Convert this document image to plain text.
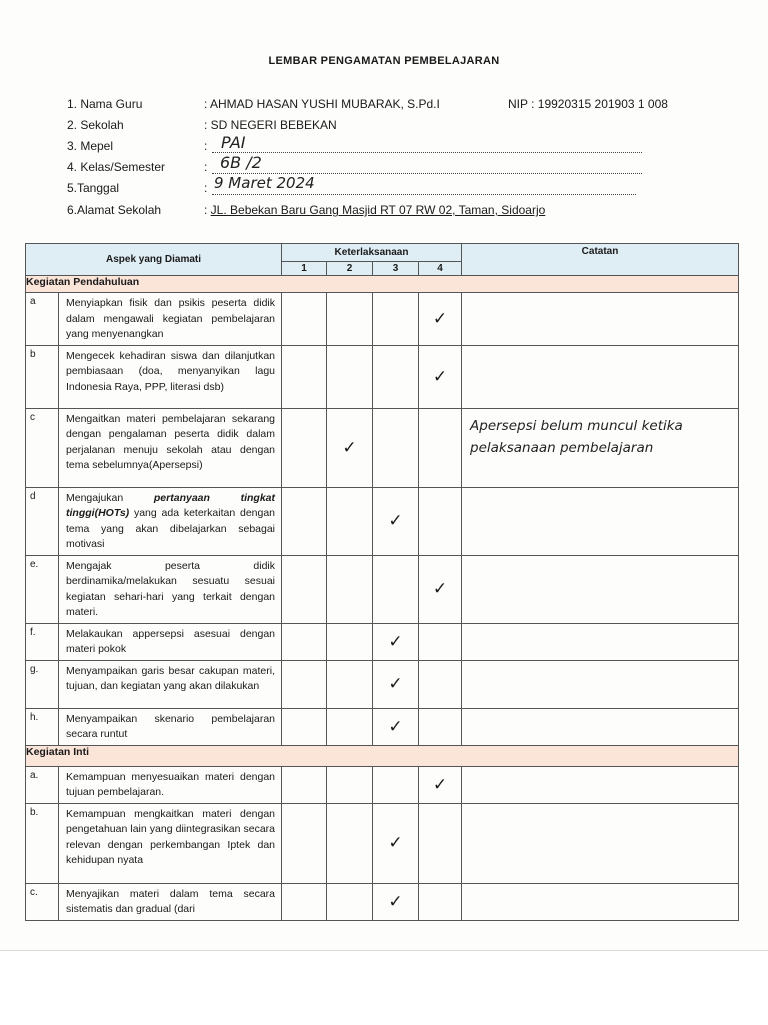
LEMBAR PENGAMATAN PEMBELAJARAN
1. Nama Guru	: AHMAD HASAN YUSHI MUBARAK, S.Pd.I	NIP : 19920315 201903 1 008
2. Sekolah	: SD NEGERI BEBEKAN
3. Mepel	: PAI
4. Kelas/Semester	: 6B /2
5.Tanggal	: 9 Maret 2024
6.Alamat Sekolah	: JL. Bebekan Baru Gang Masjid RT 07 RW 02, Taman, Sidoarjo
Aspek yang Diamati		Keterlaksanaan				Catatan
		1	2	3	4	
Kegiatan Pendahuluan						
a	Menyiapkan fisik dan psikis peserta didik dalam mengawali kegiatan pembelajaran yang menyenangkan				✓	
b	Mengecek kehadiran siswa dan dilanjutkan pembiasaan (doa, menyanyikan lagu Indonesia Raya, PPP, literasi dsb)				✓	
c	Mengaitkan materi pembelajaran sekarang dengan pengalaman peserta didik dalam perjalanan menuju sekolah atau dengan tema sebelumnya(Apersepsi)		✓			Apersepsi belum muncul ketika pelaksanaan pembelajaran
d	Mengajukan pertanyaan tingkat tinggi(HOTs) yang ada keterkaitan dengan tema yang akan dibelajarkan sebagai motivasi			✓		
e.	Mengajak peserta didik berdinamika/melakukan sesuatu sesuai kegiatan sehari-hari yang terkait dengan materi.				✓	
f.	Melakaukan appersepsi asesuai dengan materi pokok			✓		
g.	Menyampaikan garis besar cakupan materi, tujuan, dan kegiatan yang akan dilakukan			✓		
h.	Menyampaikan skenario pembelajaran secara runtut			✓		
Kegiatan Inti						
a.	Kemampuan menyesuaikan materi dengan tujuan pembelajaran.				✓	
b.	Kemampuan mengkaitkan materi dengan pengetahuan lain yang diintegrasikan secara relevan dengan perkembangan Iptek dan kehidupan nyata			✓		
c.	Menyajikan materi dalam tema secara sistematis dan gradual (dari			✓		
